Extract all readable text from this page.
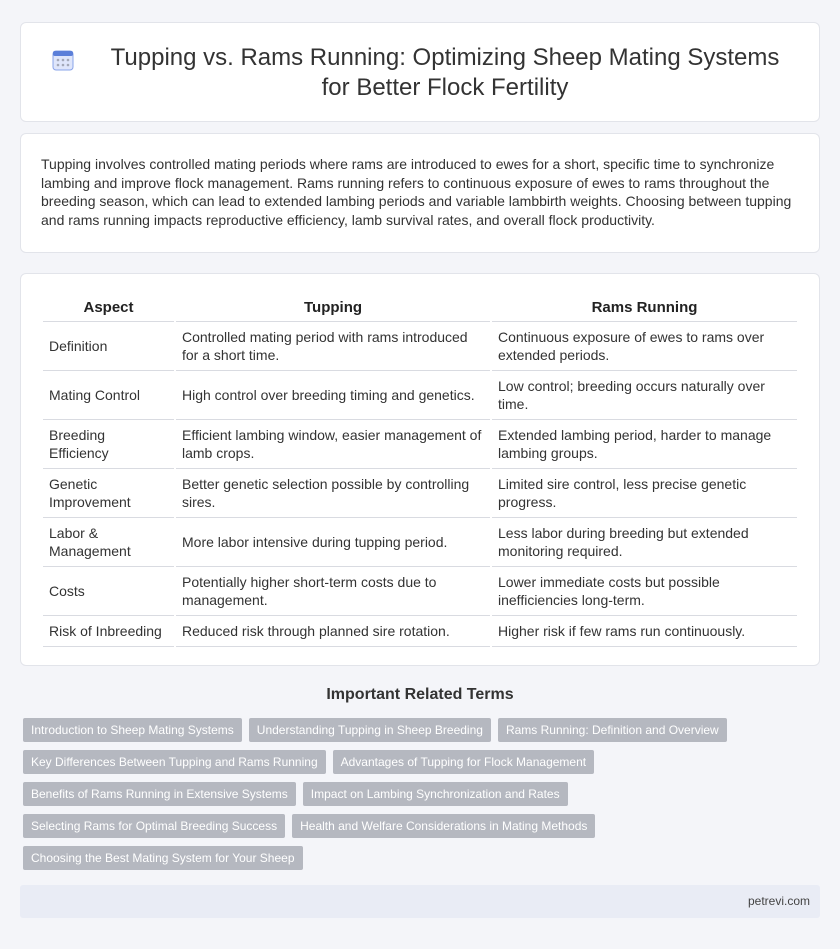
Tupping vs. Rams Running: Optimizing Sheep Mating Systems for Better Flock Fertility

Tupping involves controlled mating periods where rams are introduced to ewes for a short, specific time to synchronize lambing and improve flock management. Rams running refers to continuous exposure of ewes to rams throughout the breeding season, which can lead to extended lambing periods and variable lambbirth weights. Choosing between tupping and rams running impacts reproductive efficiency, lamb survival rates, and overall flock productivity.

Aspect	Tupping	Rams Running
Definition	Controlled mating period with rams introduced for a short time.	Continuous exposure of ewes to rams over extended periods.
Mating Control	High control over breeding timing and genetics.	Low control; breeding occurs naturally over time.
Breeding Efficiency	Efficient lambing window, easier management of lamb crops.	Extended lambing period, harder to manage lambing groups.
Genetic Improvement	Better genetic selection possible by controlling sires.	Limited sire control, less precise genetic progress.
Labor & Management	More labor intensive during tupping period.	Less labor during breeding but extended monitoring required.
Costs	Potentially higher short-term costs due to management.	Lower immediate costs but possible inefficiencies long-term.
Risk of Inbreeding	Reduced risk through planned sire rotation.	Higher risk if few rams run continuously.
Important Related Terms
Introduction to Sheep Mating Systems	Understanding Tupping in Sheep Breeding	Rams Running: Definition and Overview
Key Differences Between Tupping and Rams Running	Advantages of Tupping for Flock Management
Benefits of Rams Running in Extensive Systems	Impact on Lambing Synchronization and Rates
Selecting Rams for Optimal Breeding Success	Health and Welfare Considerations in Mating Methods
Choosing the Best Mating System for Your Sheep
petrevi.com
